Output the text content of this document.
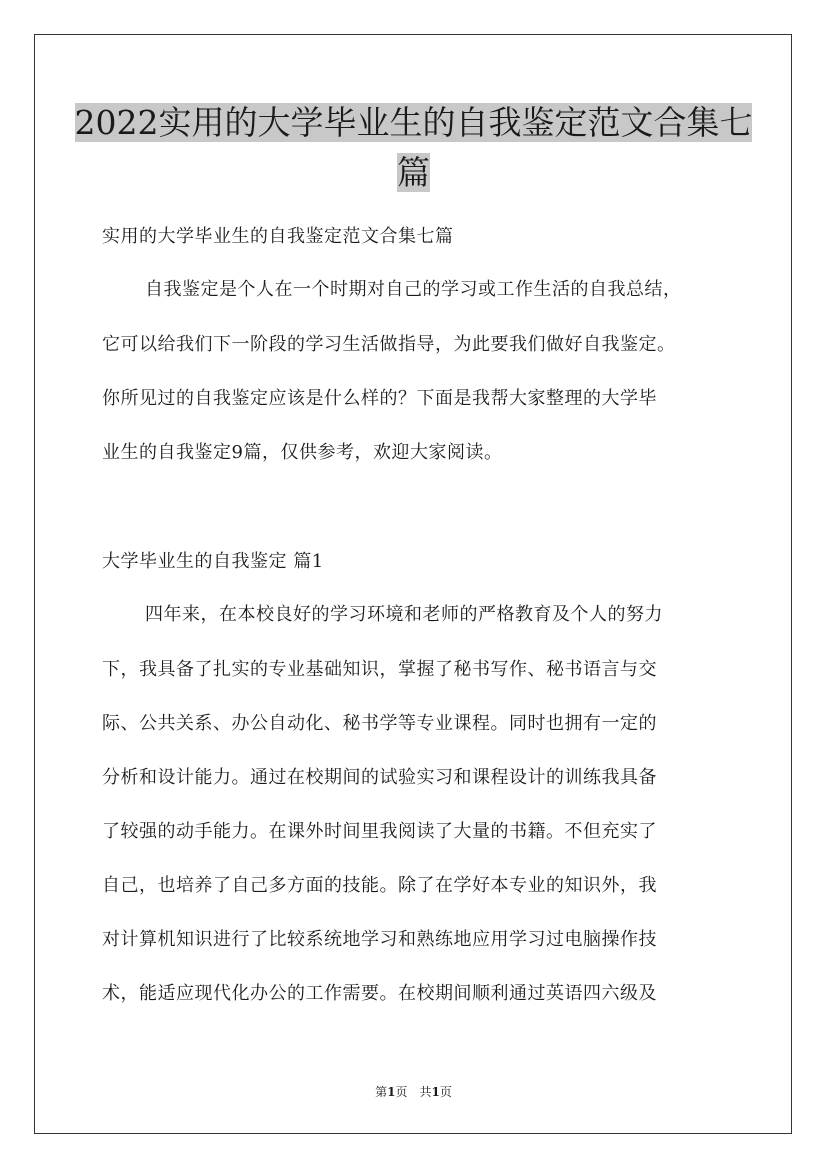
2022实用的大学毕业生的自我鉴定范文合集七
篇
实用的大学毕业生的自我鉴定范文合集七篇
自我鉴定是个人在一个时期对自己的学习或工作生活的自我总结，
它可以给我们下一阶段的学习生活做指导，为此要我们做好自我鉴定。
你所见过的自我鉴定应该是什么样的？下面是我帮大家整理的大学毕
业生的自我鉴定9篇，仅供参考，欢迎大家阅读。
大学毕业生的自我鉴定 篇1
四年来，在本校良好的学习环境和老师的严格教育及个人的努力
下，我具备了扎实的专业基础知识，掌握了秘书写作、秘书语言与交
际、公共关系、办公自动化、秘书学等专业课程。同时也拥有一定的
分析和设计能力。通过在校期间的试验实习和课程设计的训练我具备
了较强的动手能力。在课外时间里我阅读了大量的书籍。不但充实了
自己，也培养了自己多方面的技能。除了在学好本专业的知识外，我
对计算机知识进行了比较系统地学习和熟练地应用学习过电脑操作技
术，能适应现代化办公的工作需要。在校期间顺利通过英语四六级及
第1页　共1页
